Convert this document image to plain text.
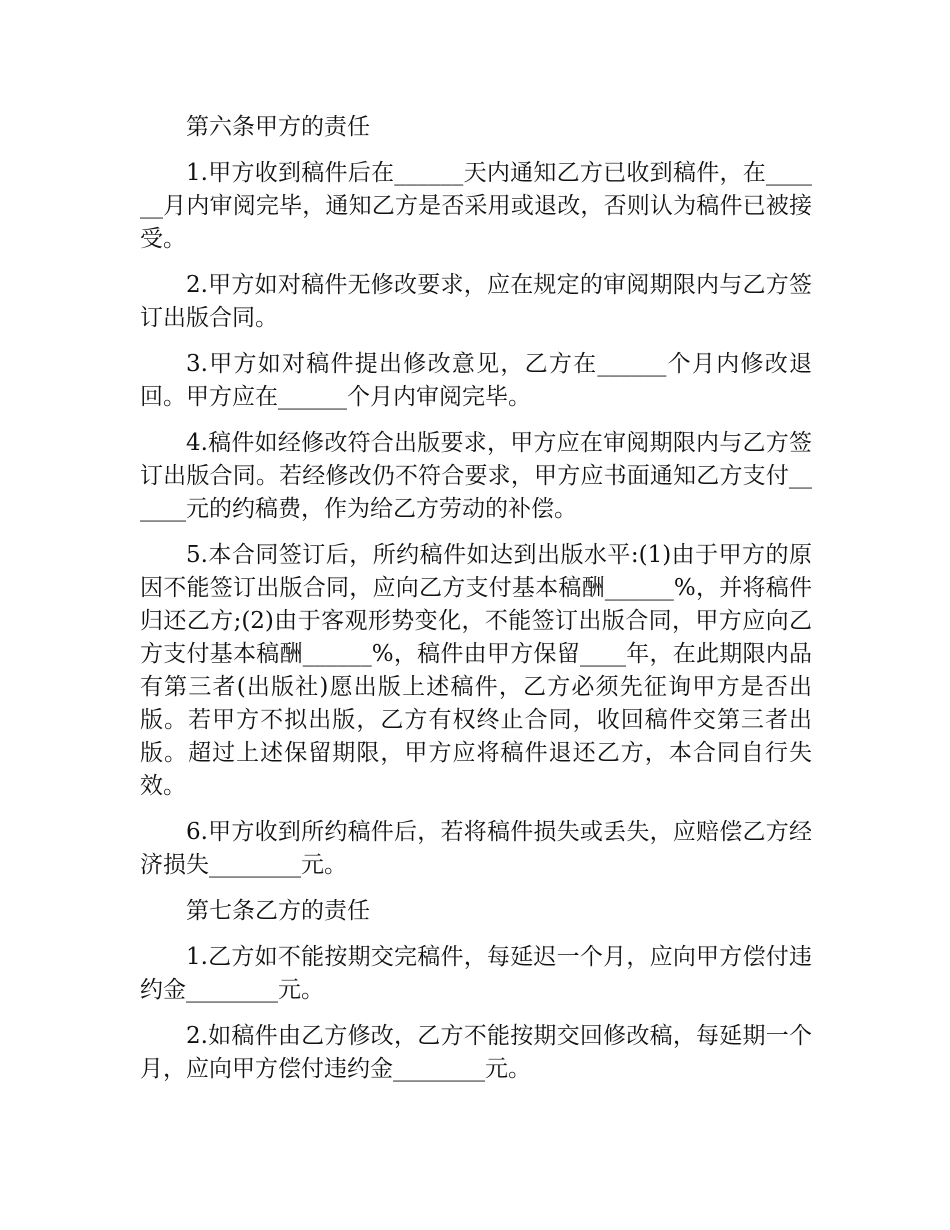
第六条甲方的责任

1.甲方收到稿件后在______天内通知乙方已收到稿件，在______月内审阅完毕，通知乙方是否采用或退改，否则认为稿件已被接受。

2.甲方如对稿件无修改要求，应在规定的审阅期限内与乙方签订出版合同。

3.甲方如对稿件提出修改意见，乙方在______个月内修改退回。甲方应在______个月内审阅完毕。

4.稿件如经修改符合出版要求，甲方应在审阅期限内与乙方签订出版合同。若经修改仍不符合要求，甲方应书面通知乙方支付______元的约稿费，作为给乙方劳动的补偿。

5.本合同签订后，所约稿件如达到出版水平:(1)由于甲方的原因不能签订出版合同，应向乙方支付基本稿酬______%，并将稿件归还乙方;(2)由于客观形势变化，不能签订出版合同，甲方应向乙方支付基本稿酬______%，稿件由甲方保留____年，在此期限内品有第三者(出版社)愿出版上述稿件，乙方必须先征询甲方是否出版。若甲方不拟出版，乙方有权终止合同，收回稿件交第三者出版。超过上述保留期限，甲方应将稿件退还乙方，本合同自行失效。

6.甲方收到所约稿件后，若将稿件损失或丢失，应赔偿乙方经济损失________元。

第七条乙方的责任

1.乙方如不能按期交完稿件，每延迟一个月，应向甲方偿付违约金________元。

2.如稿件由乙方修改，乙方不能按期交回修改稿，每延期一个月，应向甲方偿付违约金________元。
